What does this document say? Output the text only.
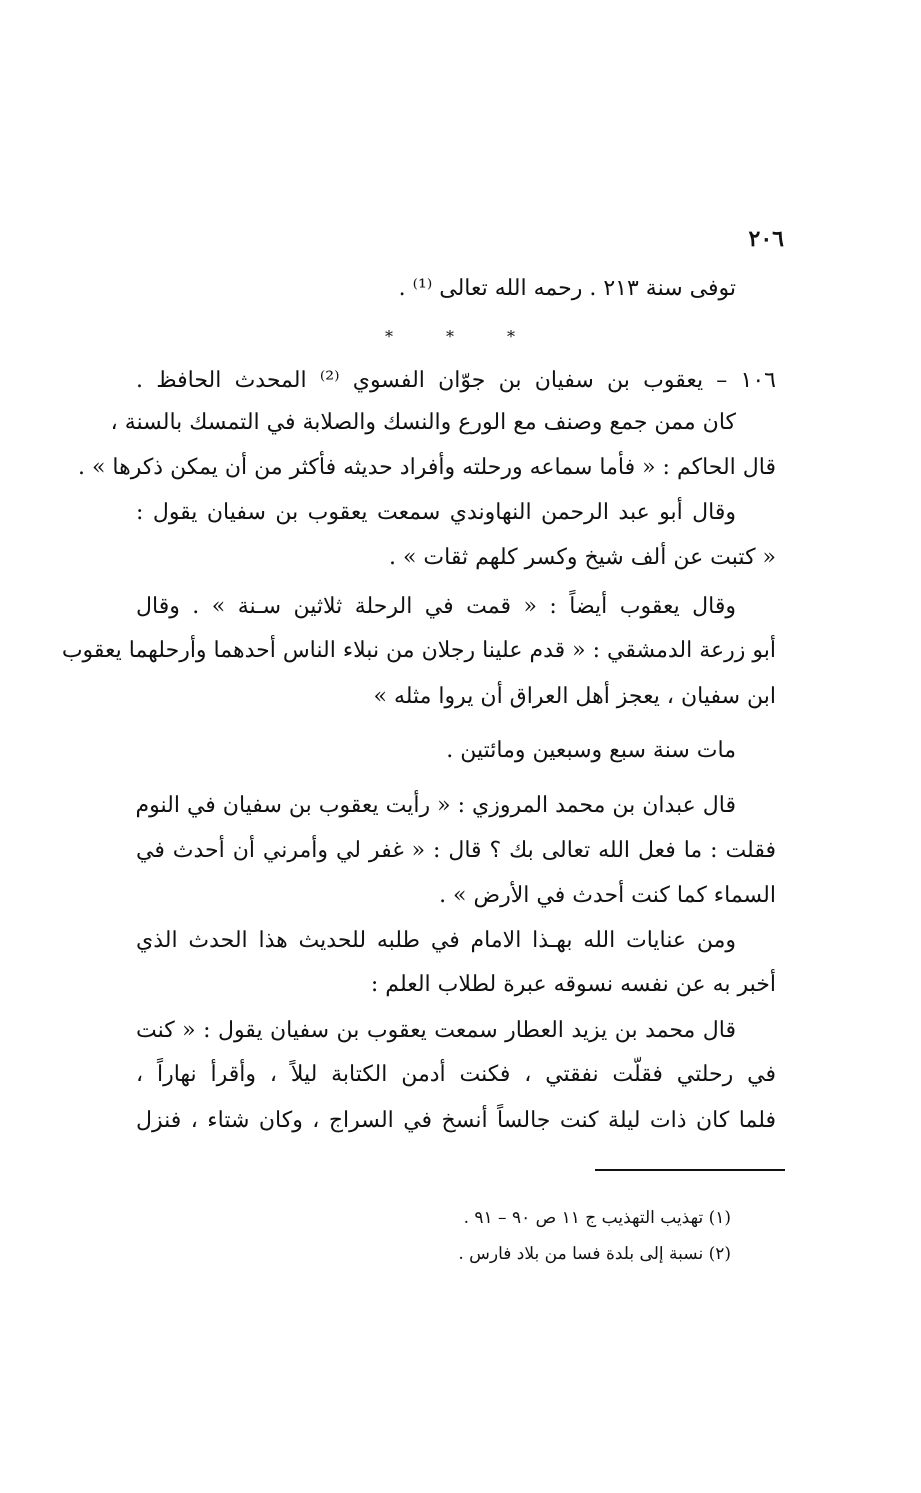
٢٠٦
توفى سنة ٢١٣ . رحمه الله تعالى ⁽¹⁾ .
*	*	*
١٠٦ – يعقوب بن سفيان بن جوّان الفسوي ⁽²⁾ المحدث الحافظ .
كان ممن جمع وصنف مع الورع والنسك والصلابة في التمسك بالسنة ،
قال الحاكم : « فأما سماعه ورحلته وأفراد حديثه فأكثر من أن يمكن ذكرها » .
وقال أبو عبد الرحمن النهاوندي سمعت يعقوب بن سفيان يقول :
« كتبت عن ألف شيخ وكسر كلهم ثقات » .
وقال يعقوب أيضاً : « قمت في الرحلة ثلاثين سـنة » . وقال
أبو زرعة الدمشقي : « قدم علينا رجلان من نبلاء الناس أحدهما وأرحلهما يعقوب
ابن سفيان ، يعجز أهل العراق أن يروا مثله »
مات سنة سبع وسبعين ومائتين .
قال عبدان بن محمد المروزي : « رأيت يعقوب بن سفيان في النوم
فقلت : ما فعل الله تعالى بك ؟ قال : « غفر لي وأمرني أن أحدث في
السماء كما كنت أحدث في الأرض » .
ومن عنايات الله بهـذا الامام في طلبه للحديث هذا الحدث الذي
أخبر به عن نفسه نسوقه عبرة لطلاب العلم :
قال محمد بن يزيد العطار سمعت يعقوب بن سفيان يقول : « كنت
في رحلتي فقلّت نفقتي ، فكنت أدمن الكتابة ليلاً ، وأقرأ نهاراً ،
فلما كان ذات ليلة كنت جالساً أنسخ في السراج ، وكان شتاء ، فنزل
(١) تهذيب التهذيب ج ١١ ص ٩٠ – ٩١ .
(٢) نسبة إلى بلدة فسا من بلاد فارس .
